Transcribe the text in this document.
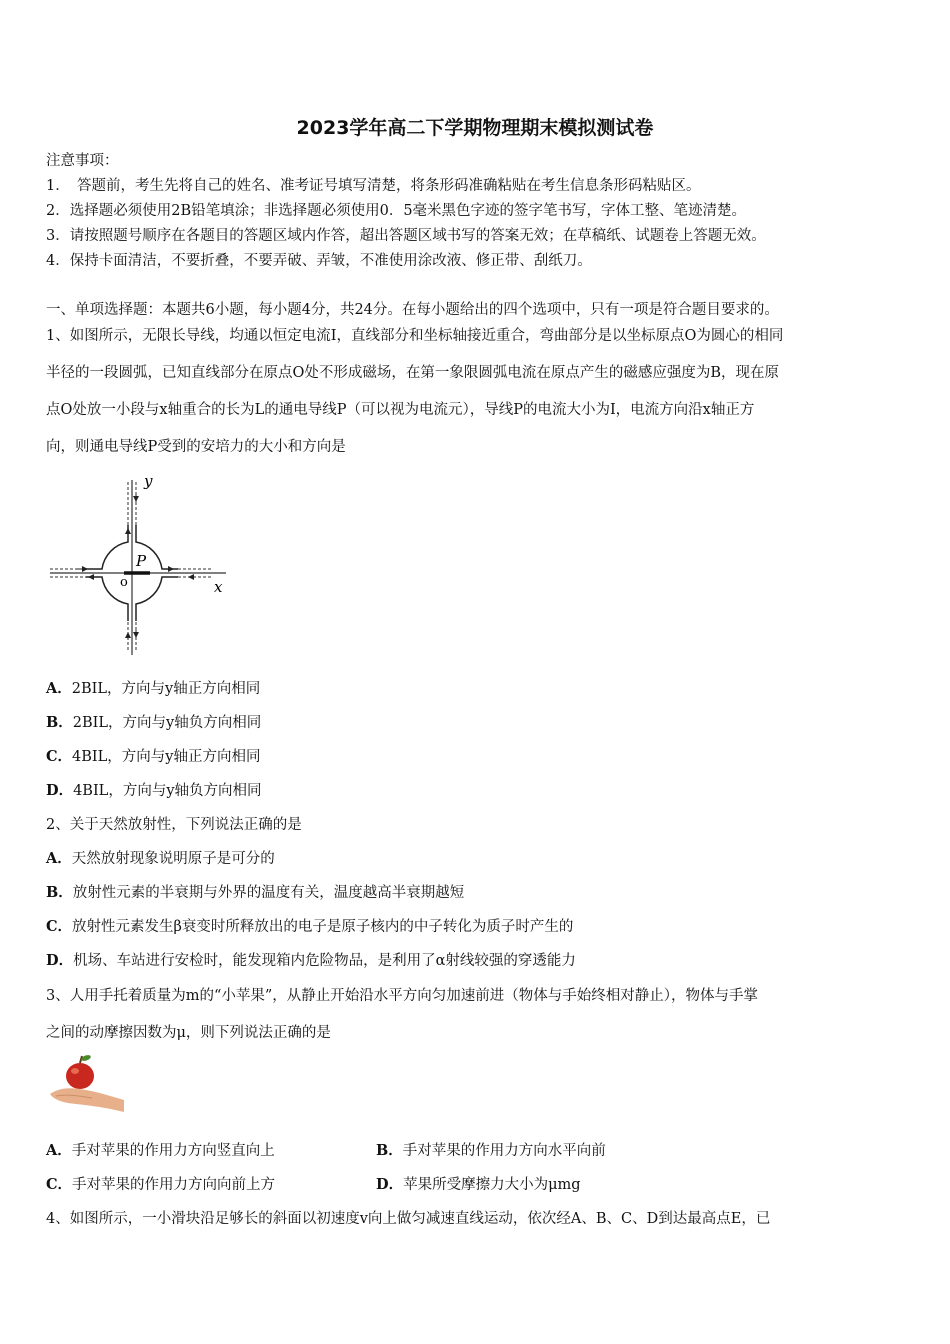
2023学年高二下学期物理期末模拟测试卷
注意事项：
1．　答题前，考生先将自己的姓名、准考证号填写清楚，将条形码准确粘贴在考生信息条形码粘贴区。
2．选择题必须使用2B铅笔填涂；非选择题必须使用0．5毫米黑色字迹的签字笔书写，字体工整、笔迹清楚。
3．请按照题号顺序在各题目的答题区域内作答，超出答题区域书写的答案无效；在草稿纸、试题卷上答题无效。
4．保持卡面清洁，不要折叠，不要弄破、弄皱，不准使用涂改液、修正带、刮纸刀。
一、单项选择题：本题共6小题，每小题4分，共24分。在每小题给出的四个选项中，只有一项是符合题目要求的。
1、如图所示，无限长导线，均通以恒定电流I，直线部分和坐标轴接近重合，弯曲部分是以坐标原点O为圆心的相同
半径的一段圆弧，已知直线部分在原点O处不形成磁场，在第一象限圆弧电流在原点产生的磁感应强度为B，现在原
点O处放一小段与x轴重合的长为L的通电导线P（可以视为电流元），导线P的电流大小为I，电流方向沿x轴正方
向，则通电导线P受到的安培力的大小和方向是
y
x
P
o
A．2BIL，方向与y轴正方向相同
B．2BIL，方向与y轴负方向相同
C．4BIL，方向与y轴正方向相同
D．4BIL，方向与y轴负方向相同
2、关于天然放射性，下列说法正确的是
A．天然放射现象说明原子是可分的
B．放射性元素的半衰期与外界的温度有关，温度越高半衰期越短
C．放射性元素发生β衰变时所释放出的电子是原子核内的中子转化为质子时产生的
D．机场、车站进行安检时，能发现箱内危险物品，是利用了α射线较强的穿透能力
3、人用手托着质量为m的“小苹果”，从静止开始沿水平方向匀加速前进（物体与手始终相对静止），物体与手掌
之间的动摩擦因数为μ，则下列说法正确的是
A．手对苹果的作用力方向竖直向上	B．手对苹果的作用力方向水平向前
C．手对苹果的作用力方向向前上方	D．苹果所受摩擦力大小为μmg
4、如图所示，一小滑块沿足够长的斜面以初速度v向上做匀减速直线运动，依次经A、B、C、D到达最高点E，已
